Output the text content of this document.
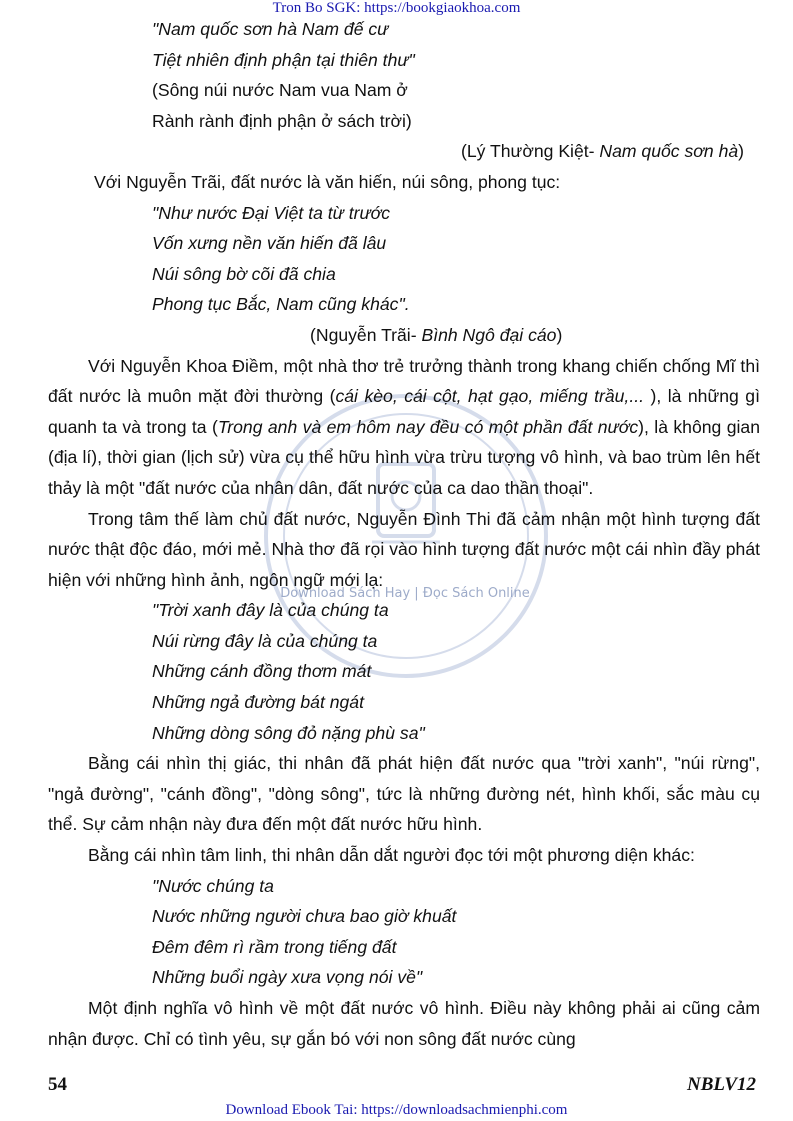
Tron Bo SGK: https://bookgiaokhoa.com
Download Sách Hay | Đọc Sách Online

"Nam quốc sơn hà Nam đế cư

Tiệt nhiên định phận tại thiên thư"

(Sông núi nước Nam vua Nam ở

Rành rành định phận ở sách trời)

(Lý Thường Kiệt- Nam quốc sơn hà)

Với Nguyễn Trãi, đất nước là văn hiến, núi sông, phong tục:

"Như nước Đại Việt ta từ trước

Vốn xưng nền văn hiến đã lâu

Núi sông bờ cõi đã chia

Phong tục Bắc, Nam cũng khác".

(Nguyễn Trãi- Bình Ngô đại cáo)

Với Nguyễn Khoa Điềm, một nhà thơ trẻ trưởng thành trong khang chiến chống Mĩ thì đất nước là muôn mặt đời thường (cái kèo, cái cột, hạt gạo, miếng trầu,... ), là những gì quanh ta và trong ta (Trong anh và em hôm nay đều có một phần đất nước), là không gian (địa lí), thời gian (lịch sử) vừa cụ thể hữu hình vừa trừu tượng vô hình, và bao trùm lên hết thảy là một "đất nước của nhân dân, đất nước của ca dao thần thoại".

Trong tâm thế làm chủ đất nước, Nguyễn Đình Thi đã cảm nhận một hình tượng đất nước thật độc đáo, mới mẻ. Nhà thơ đã rọi vào hình tượng đất nước một cái nhìn đầy phát hiện với những hình ảnh, ngôn ngữ mới lạ:

"Trời xanh đây là của chúng ta

Núi rừng đây là của chúng ta

Những cánh đồng thơm mát

Những ngả đường bát ngát

Những dòng sông đỏ nặng phù sa"

Bằng cái nhìn thị giác, thi nhân đã phát hiện đất nước qua "trời xanh", "núi rừng", "ngả đường", "cánh đồng", "dòng sông", tức là những đường nét, hình khối, sắc màu cụ thể. Sự cảm nhận này đưa đến một đất nước hữu hình.

Bằng cái nhìn tâm linh, thi nhân dẫn dắt người đọc tới một phương diện khác:

"Nước chúng ta

Nước những người chưa bao giờ khuất

Đêm đêm rì rầm trong tiếng đất

Những buổi ngày xưa vọng nói về"

Một định nghĩa vô hình về một đất nước vô hình. Điều này không phải ai cũng cảm nhận được. Chỉ có tình yêu, sự gắn bó với non sông đất nước cùng

54	NBLV12
Download Ebook Tai: https://downloadsachmienphi.com
